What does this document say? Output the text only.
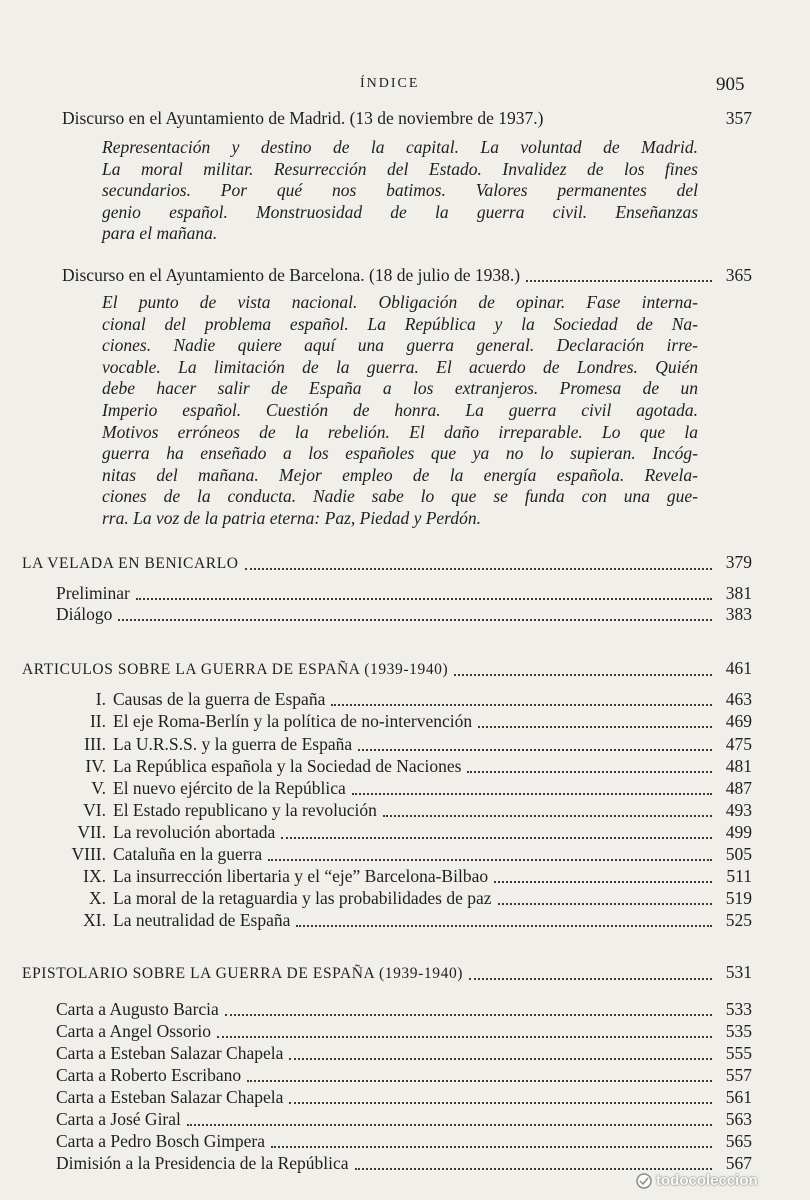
ÍNDICE	905
Discurso en el Ayuntamiento de Madrid. (13 de noviembre de 1937.)	357
Representación y destino de la capital. La voluntad de Madrid.
La moral militar. Resurrección del Estado. Invalidez de los fines
secundarios. Por qué nos batimos. Valores permanentes del
genio español. Monstruosidad de la guerra civil. Enseñanzas
para el mañana.
Discurso en el Ayuntamiento de Barcelona. (18 de julio de 1938.)	365
El punto de vista nacional. Obligación de opinar. Fase interna-
cional del problema español. La República y la Sociedad de Na-
ciones. Nadie quiere aquí una guerra general. Declaración irre-
vocable. La limitación de la guerra. El acuerdo de Londres. Quién
debe hacer salir de España a los extranjeros. Promesa de un
Imperio español. Cuestión de honra. La guerra civil agotada.
Motivos erróneos de la rebelión. El daño irreparable. Lo que la
guerra ha enseñado a los españoles que ya no lo supieran. Incóg-
nitas del mañana. Mejor empleo de la energía española. Revela-
ciones de la conducta. Nadie sabe lo que se funda con una gue-
rra. La voz de la patria eterna: Paz, Piedad y Perdón.
LA VELADA EN BENICARLO	379
Preliminar	381
Diálogo	383
ARTICULOS SOBRE LA GUERRA DE ESPAÑA (1939-1940)	461
I. Causas de la guerra de España	463
II. El eje Roma-Berlín y la política de no-intervención	469
III. La U.R.S.S. y la guerra de España	475
IV. La República española y la Sociedad de Naciones	481
V. El nuevo ejército de la República	487
VI. El Estado republicano y la revolución	493
VII. La revolución abortada	499
VIII. Cataluña en la guerra	505
IX. La insurrección libertaria y el “eje” Barcelona-Bilbao	511
X. La moral de la retaguardia y las probabilidades de paz	519
XI. La neutralidad de España	525
EPISTOLARIO SOBRE LA GUERRA DE ESPAÑA (1939-1940)	531
Carta a Augusto Barcia	533
Carta a Angel Ossorio	535
Carta a Esteban Salazar Chapela	555
Carta a Roberto Escribano	557
Carta a Esteban Salazar Chapela	561
Carta a José Giral	563
Carta a Pedro Bosch Gimpera	565
Dimisión a la Presidencia de la República	567
todocoleccion
